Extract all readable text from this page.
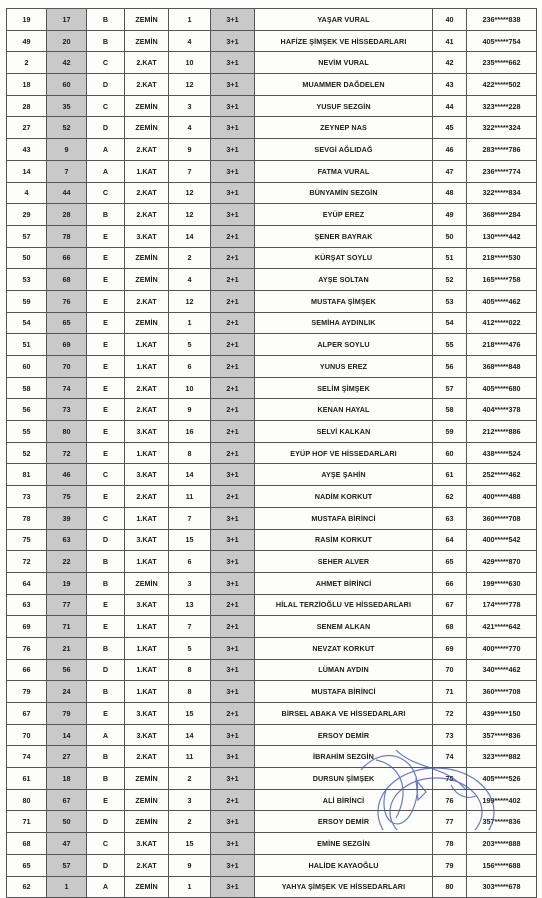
19	17	B	ZEMİN	1	3+1	YAŞAR VURAL	40	236*****838
49	20	B	ZEMİN	4	3+1	HAFİZE ŞİMŞEK VE HİSSEDARLARI	41	405*****754
2	42	C	2.KAT	10	3+1	NEVİM VURAL	42	235*****662
18	60	D	2.KAT	12	3+1	MUAMMER DAĞDELEN	43	422*****502
28	35	C	ZEMİN	3	3+1	YUSUF SEZGİN	44	323*****228
27	52	D	ZEMİN	4	3+1	ZEYNEP NAS	45	322*****324
43	9	A	2.KAT	9	3+1	SEVGİ AĞLIDAĞ	46	283*****786
14	7	A	1.KAT	7	3+1	FATMA VURAL	47	236*****774
4	44	C	2.KAT	12	3+1	BÜNYAMİN SEZGİN	48	322*****834
29	28	B	2.KAT	12	3+1	EYÜP EREZ	49	368*****284
57	78	E	3.KAT	14	2+1	ŞENER BAYRAK	50	130*****442
50	66	E	ZEMİN	2	2+1	KÜRŞAT SOYLU	51	218*****530
53	68	E	ZEMİN	4	2+1	AYŞE SOLTAN	52	165*****758
59	76	E	2.KAT	12	2+1	MUSTAFA ŞİMŞEK	53	405*****462
54	65	E	ZEMİN	1	2+1	SEMİHA AYDINLIK	54	412*****022
51	69	E	1.KAT	5	2+1	ALPER SOYLU	55	218*****476
60	70	E	1.KAT	6	2+1	YUNUS EREZ	56	368*****848
58	74	E	2.KAT	10	2+1	SELİM ŞİMŞEK	57	405*****680
56	73	E	2.KAT	9	2+1	KENAN HAYAL	58	404*****378
55	80	E	3.KAT	16	2+1	SELVİ KALKAN	59	212*****886
52	72	E	1.KAT	8	2+1	EYÜP HOF VE HİSSEDARLARI	60	438*****524
81	46	C	3.KAT	14	3+1	AYŞE ŞAHİN	61	252*****462
73	75	E	2.KAT	11	2+1	NADİM KORKUT	62	400*****488
78	39	C	1.KAT	7	3+1	MUSTAFA BİRİNCİ	63	360*****708
75	63	D	3.KAT	15	3+1	RASİM KORKUT	64	400*****542
72	22	B	1.KAT	6	3+1	SEHER ALVER	65	429*****870
64	19	B	ZEMİN	3	3+1	AHMET BİRİNCİ	66	199*****630
63	77	E	3.KAT	13	2+1	HİLAL TERZİOĞLU VE HİSSEDARLARI	67	174*****778
69	71	E	1.KAT	7	2+1	SENEM ALKAN	68	421*****642
76	21	B	1.KAT	5	3+1	NEVZAT KORKUT	69	400*****770
66	56	D	1.KAT	8	3+1	LÜMAN AYDIN	70	340*****462
79	24	B	1.KAT	8	3+1	MUSTAFA BİRİNCİ	71	360*****708
67	79	E	3.KAT	15	2+1	BİRSEL ABAKA VE HİSSEDARLARI	72	439*****150
70	14	A	3.KAT	14	3+1	ERSOY DEMİR	73	357*****836
74	27	B	2.KAT	11	3+1	İBRAHİM SEZGİN	74	323*****882
61	18	B	ZEMİN	2	3+1	DURSUN ŞİMŞEK	75	405*****526
80	67	E	ZEMİN	3	2+1	ALİ BİRİNCİ	76	199*****402
71	50	D	ZEMİN	2	3+1	ERSOY DEMİR	77	357*****836
68	47	C	3.KAT	15	3+1	EMİNE SEZGİN	78	203*****888
65	57	D	2.KAT	9	3+1	HALİDE KAYAOĞLU	79	156*****688
62	1	A	ZEMİN	1	3+1	YAHYA ŞİMŞEK VE HİSSEDARLARI	80	303*****678
